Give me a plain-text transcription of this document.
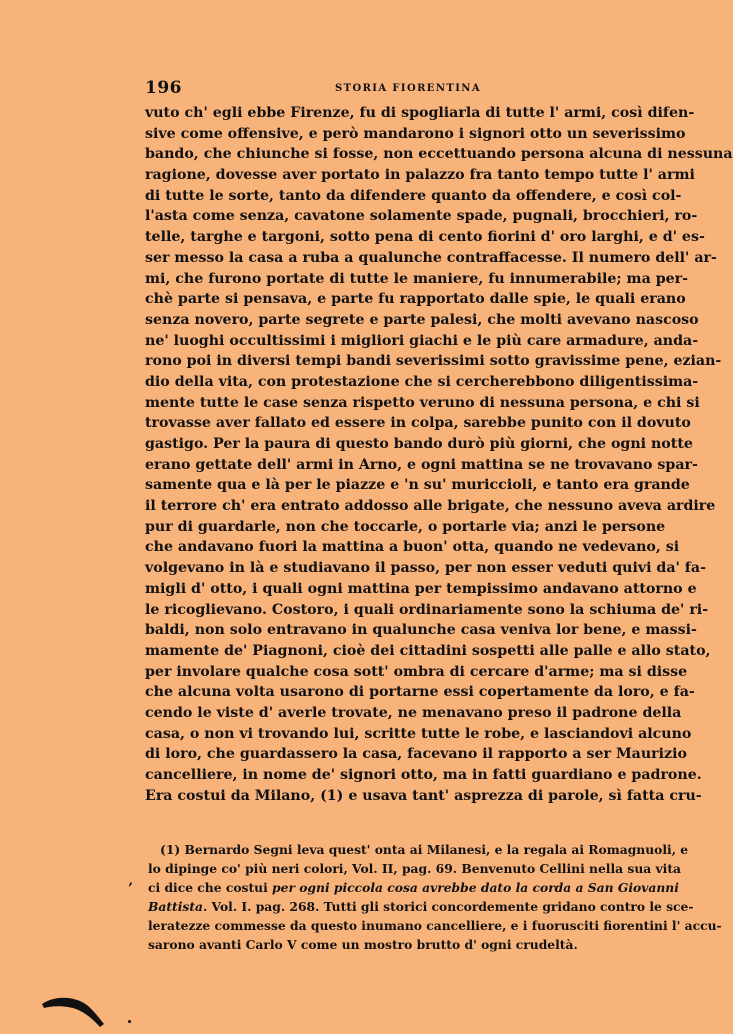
196	STORIA FIORENTINA
vuto ch' egli ebbe Firenze, fu di spogliarla di tutte l' armi, così difen-
sive come offensive, e però mandarono i signori otto un severissimo
bando, che chiunche si fosse, non eccettuando persona alcuna di nessuna
ragione, dovesse aver portato in palazzo fra tanto tempo tutte l' armi
di tutte le sorte, tanto da difendere quanto da offendere, e così col-
l'asta come senza, cavatone solamente spade, pugnali, brocchieri, ro-
telle, targhe e targoni, sotto pena di cento fiorini d' oro larghi, e d' es-
ser messo la casa a ruba a qualunche contraffacesse. Il numero dell' ar-
mi, che furono portate di tutte le maniere, fu innumerabile; ma per-
chè parte si pensava, e parte fu rapportato dalle spie, le quali erano
senza novero, parte segrete e parte palesi, che molti avevano nascoso
ne' luoghi occultissimi i migliori giachi e le più care armadure, anda-
rono poi in diversi tempi bandi severissimi sotto gravissime pene, ezian-
dio della vita, con protestazione che si cercherebbono diligentissima-
mente tutte le case senza rispetto veruno di nessuna persona, e chi si
trovasse aver fallato ed essere in colpa, sarebbe punito con il dovuto
gastigo. Per la paura di questo bando durò più giorni, che ogni notte
erano gettate dell' armi in Arno, e ogni mattina se ne trovavano spar-
samente qua e là per le piazze e 'n su' muriccioli, e tanto era grande
il terrore ch' era entrato addosso alle brigate, che nessuno aveva ardire
pur di guardarle, non che toccarle, o portarle via; anzi le persone
che andavano fuori la mattina a buon' otta, quando ne vedevano, si
volgevano in là e studiavano il passo, per non esser veduti quivi da' fa-
migli d' otto, i quali ogni mattina per tempissimo andavano attorno e
le ricoglievano. Costoro, i quali ordinariamente sono la schiuma de' ri-
baldi, non solo entravano in qualunche casa veniva lor bene, e massi-
mamente de' Piagnoni, cioè dei cittadini sospetti alle palle e allo stato,
per involare qualche cosa sott' ombra di cercare d'arme; ma si disse
che alcuna volta usarono di portarne essi copertamente da loro, e fa-
cendo le viste d' averle trovate, ne menavano preso il padrone della
casa, o non vi trovando lui, scritte tutte le robe, e lasciandovi alcuno
di loro, che guardassero la casa, facevano il rapporto a ser Maurizio
cancelliere, in nome de' signori otto, ma in fatti guardiano e padrone.
Era costui da Milano, (1) e usava tant' asprezza di parole, sì fatta cru-
(1) Bernardo Segni leva quest' onta ai Milanesi, e la regala ai Romagnuoli, e
lo dipinge co' più neri colori, Vol. II, pag. 69. Benvenuto Cellini nella sua vita
ci dice che costui per ogni piccola cosa avrebbe dato la corda a San Giovanni
Battista. Vol. I. pag. 268. Tutti gli storici concordemente gridano contro le sce-
leratezze commesse da questo inumano cancelliere, e i fuorusciti fiorentini l' accu-
sarono avanti Carlo V come un mostro brutto d' ogni crudeltà.
’
